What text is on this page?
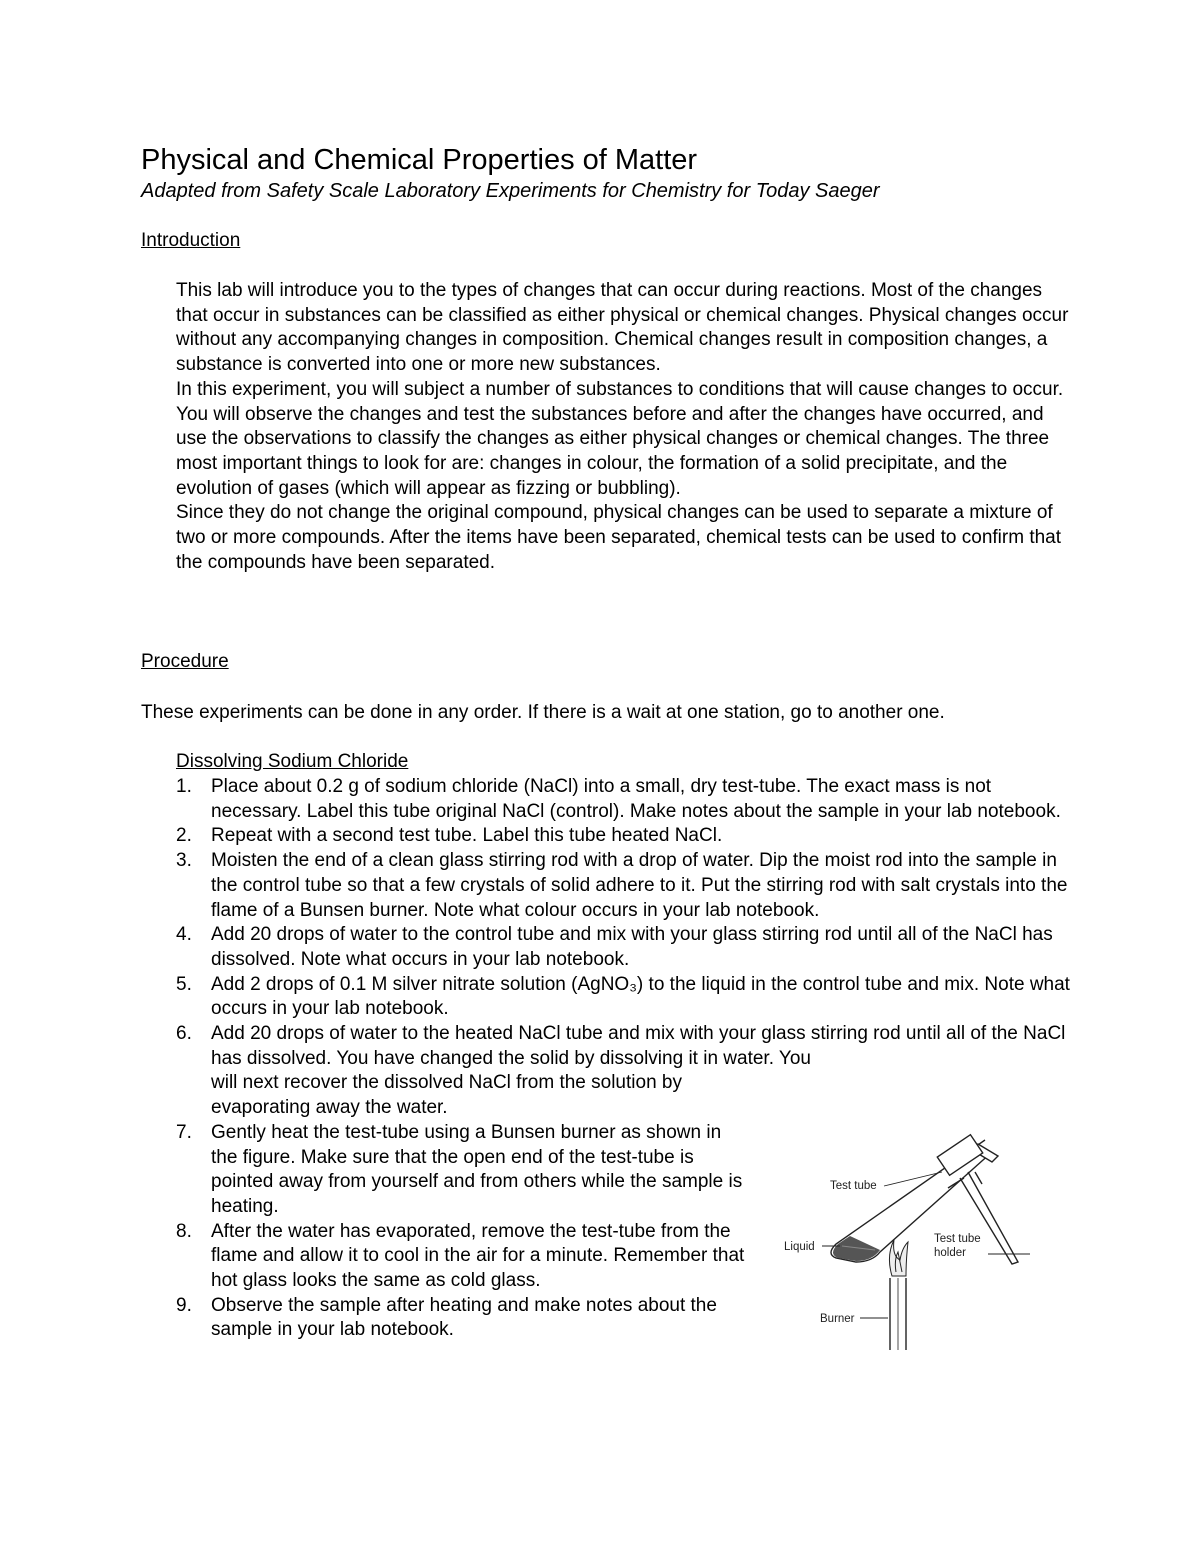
Physical and Chemical Properties of Matter
Adapted from Safety Scale Laboratory Experiments for Chemistry for Today Saeger
Introduction

This lab will introduce you to the types of changes that can occur during reactions. Most of the changes that occur in substances can be classified as either physical or chemical changes. Physical changes occur without any accompanying changes in composition. Chemical changes result in composition changes, a substance is converted into one or more new substances.

In this experiment, you will subject a number of substances to conditions that will cause changes to occur. You will observe the changes and test the substances before and after the changes have occurred, and use the observations to classify the changes as either physical changes or chemical changes. The three most important things to look for are: changes in colour, the formation of a solid precipitate, and the evolution of gases (which will appear as fizzing or bubbling).

Since they do not change the original compound, physical changes can be used to separate a mixture of two or more compounds. After the items have been separated, chemical tests can be used to confirm that the compounds have been separated.

Procedure
These experiments can be done in any order. If there is a wait at one station, go to another one.
Dissolving Sodium Chloride
1. Place about 0.2 g of sodium chloride (NaCl) into a small, dry test-tube. The exact mass is not necessary. Label this tube original NaCl (control). Make notes about the sample in your lab notebook.
2. Repeat with a second test tube. Label this tube heated NaCl.
3. Moisten the end of a clean glass stirring rod with a drop of water. Dip the moist rod into the sample in the control tube so that a few crystals of solid adhere to it. Put the stirring rod with salt crystals into the flame of a Bunsen burner. Note what colour occurs in your lab notebook.
4. Add 20 drops of water to the control tube and mix with your glass stirring rod until all of the NaCl has dissolved. Note what occurs in your lab notebook.
5. Add 2 drops of 0.1 M silver nitrate solution (AgNO₃) to the liquid in the control tube and mix. Note what occurs in your lab notebook.
6. Add 20 drops of water to the heated NaCl tube and mix with your glass stirring rod until all of the NaCl has dissolved. You have changed the solid by dissolving it in water. You
will next recover the dissolved NaCl from the solution by evaporating away the water.
7. Gently heat the test-tube using a Bunsen burner as shown in the figure. Make sure that the open end of the test-tube is pointed away from yourself and from others while the sample is heating.
8. After the water has evaporated, remove the test-tube from the flame and allow it to cool in the air for a minute. Remember that hot glass looks the same as cold glass.
9. Observe the sample after heating and make notes about the sample in your lab notebook.
Test tube
Liquid
Test tube
holder
Burner
